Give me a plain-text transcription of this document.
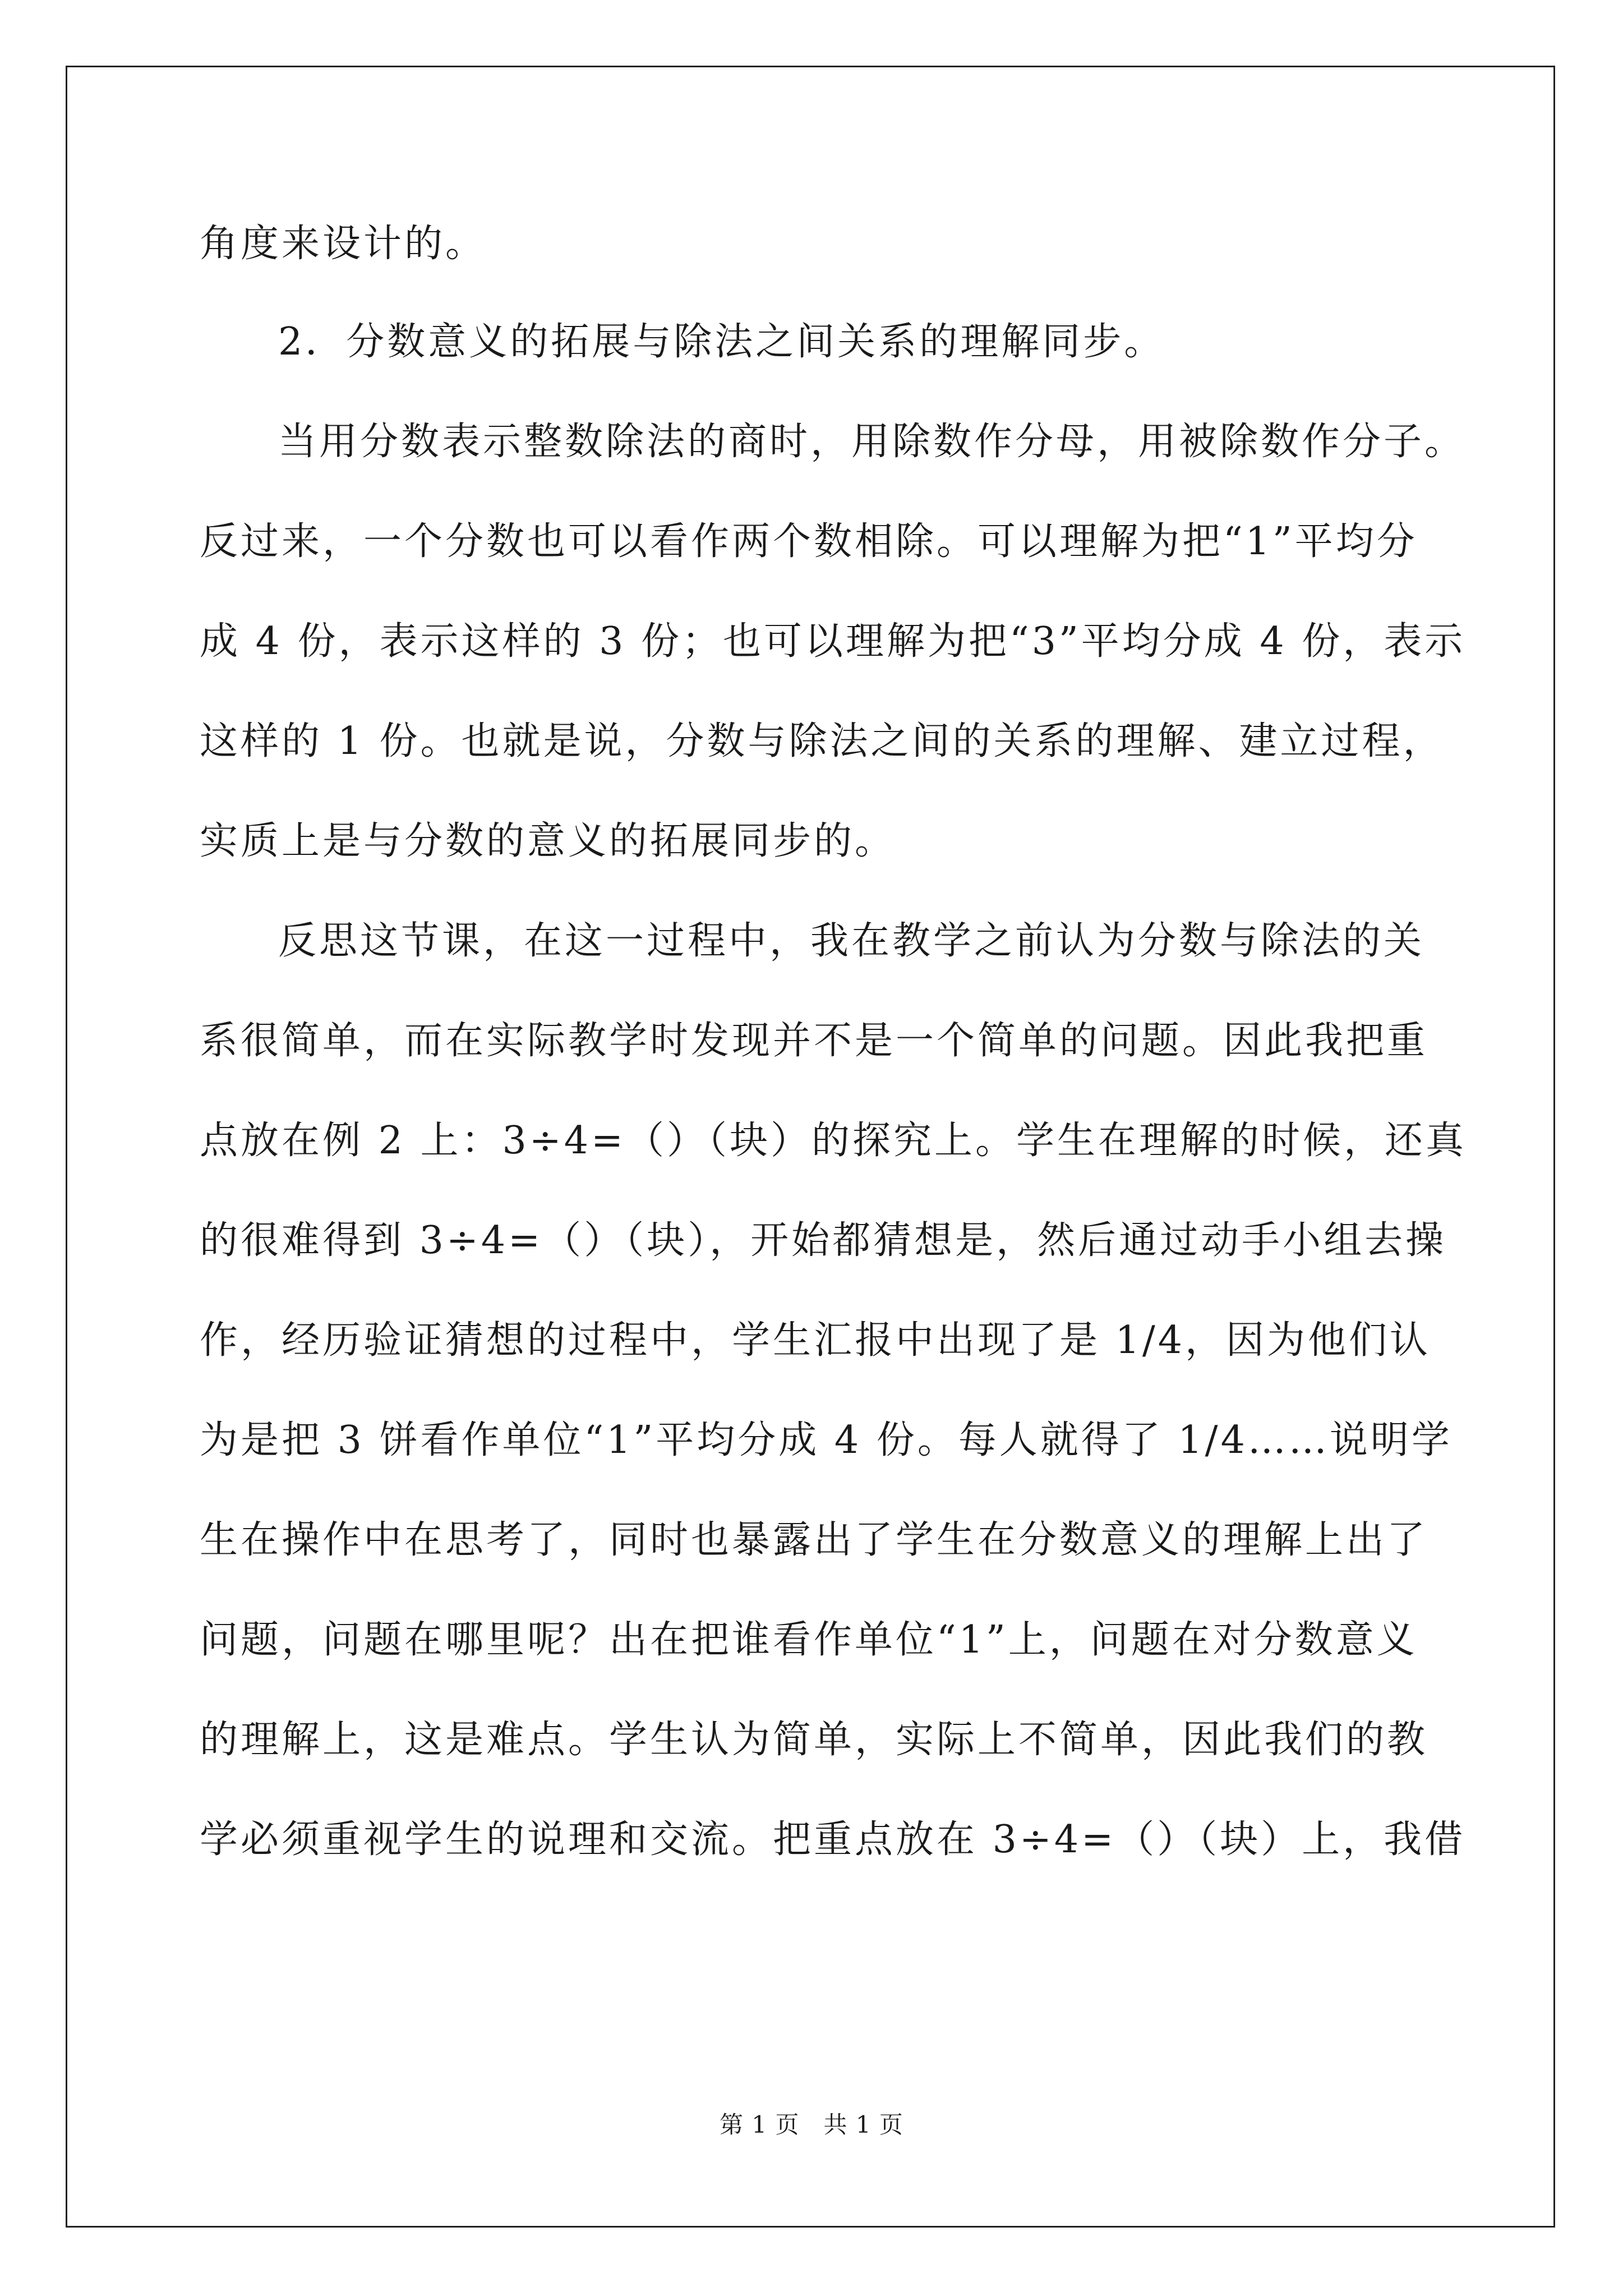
角度来设计的。
2．分数意义的拓展与除法之间关系的理解同步。
当用分数表示整数除法的商时，用除数作分母，用被除数作分子。
反过来，一个分数也可以看作两个数相除。可以理解为把“1”平均分
成 4 份，表示这样的 3 份；也可以理解为把“3”平均分成 4 份，表示
这样的 1 份。也就是说，分数与除法之间的关系的理解、建立过程，
实质上是与分数的意义的拓展同步的。
反思这节课，在这一过程中，我在教学之前认为分数与除法的关
系很简单，而在实际教学时发现并不是一个简单的问题。因此我把重
点放在例 2 上：3÷4=（）（块）的探究上。学生在理解的时候，还真
的很难得到 3÷4=（）（块），开始都猜想是，然后通过动手小组去操
作，经历验证猜想的过程中，学生汇报中出现了是 1/4，因为他们认
为是把 3 饼看作单位“1”平均分成 4 份。每人就得了 1/4……说明学
生在操作中在思考了，同时也暴露出了学生在分数意义的理解上出了
问题，问题在哪里呢？出在把谁看作单位“1”上，问题在对分数意义
的理解上，这是难点。学生认为简单，实际上不简单，因此我们的教
学必须重视学生的说理和交流。把重点放在 3÷4=（）（块）上，我借
第 1 页　共 1 页
